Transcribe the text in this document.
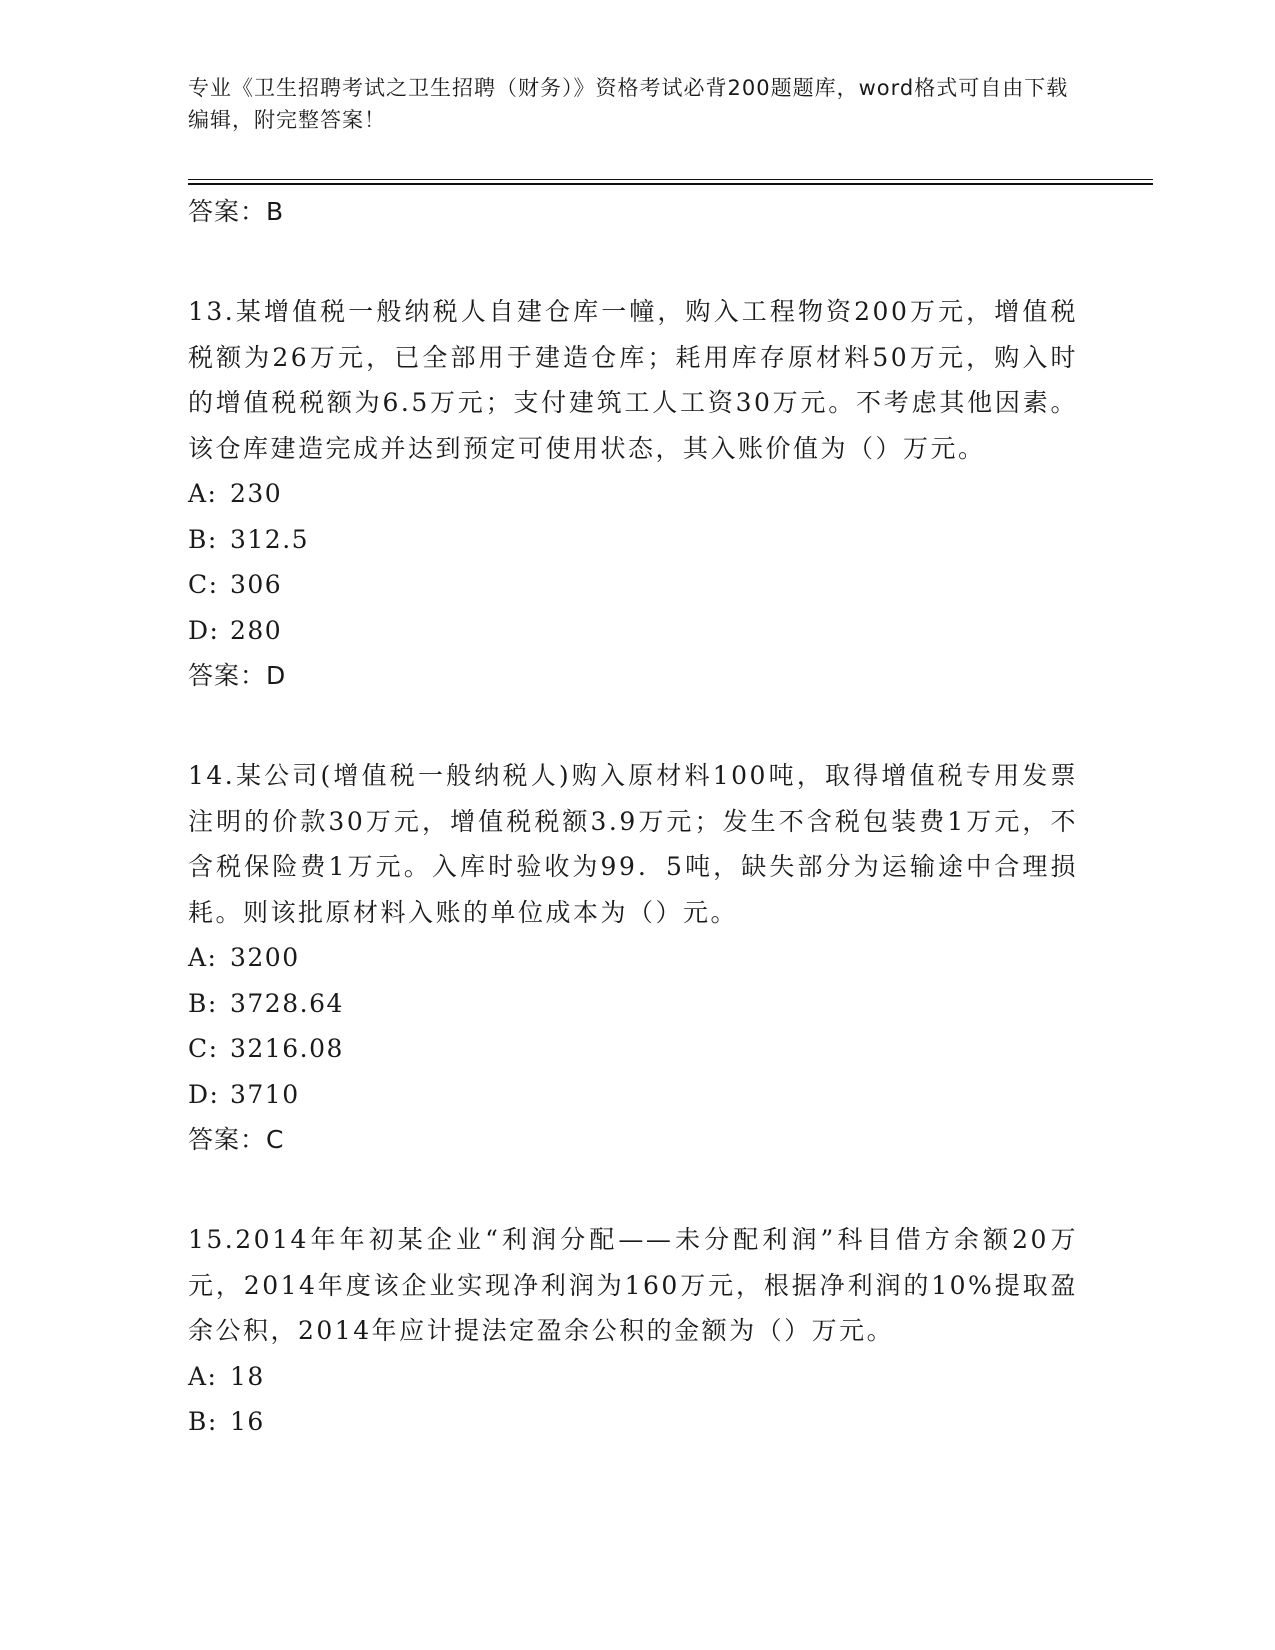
专业《卫生招聘考试之卫生招聘（财务）》资格考试必背200题题库，word格式可自由下载编辑，附完整答案！
答案：B
13.某增值税一般纳税人自建仓库一幢，购入工程物资200万元，增值税税额为26万元，已全部用于建造仓库；耗用库存原材料50万元，购入时的增值税税额为6.5万元；支付建筑工人工资30万元。不考虑其他因素。该仓库建造完成并达到预定可使用状态，其入账价值为（）万元。
A: 230
B: 312.5
C: 306
D: 280
答案：D
14.某公司(增值税一般纳税人)购入原材料100吨，取得增值税专用发票注明的价款30万元，增值税税额3.9万元；发生不含税包装费1万元，不含税保险费1万元。入库时验收为99．5吨，缺失部分为运输途中合理损耗。则该批原材料入账的单位成本为（）元。
A: 3200
B: 3728.64
C: 3216.08
D: 3710
答案：C
15.2014年年初某企业“利润分配——未分配利润”科目借方余额20万元，2014年度该企业实现净利润为160万元，根据净利润的10%提取盈余公积，2014年应计提法定盈余公积的金额为（）万元。
A: 18
B: 16
